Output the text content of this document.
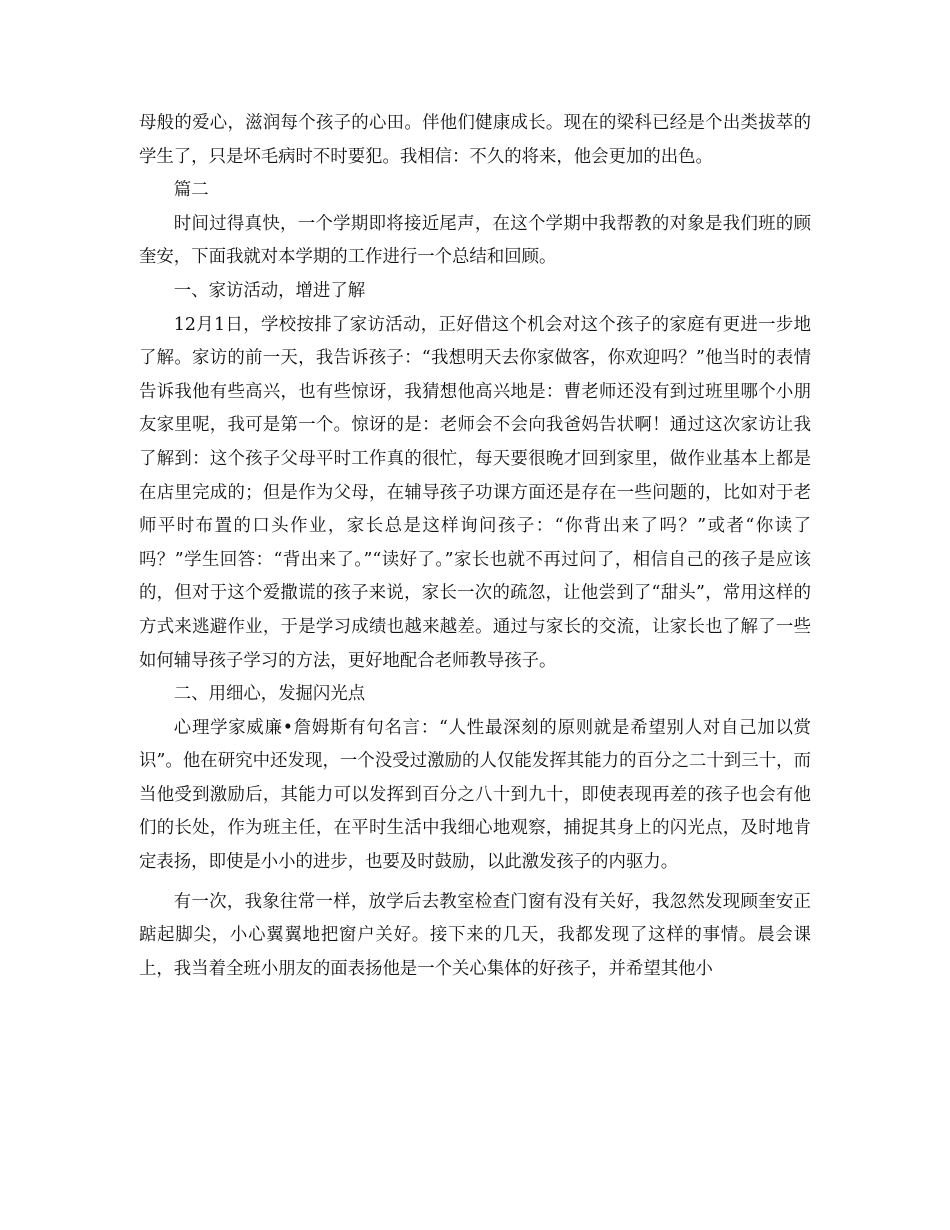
母般的爱心，滋润每个孩子的心田。伴他们健康成长。现在的梁科已经是个出类拔萃的学生了，只是坏毛病时不时要犯。我相信：不久的将来，他会更加的出色。

篇二

时间过得真快，一个学期即将接近尾声，在这个学期中我帮教的对象是我们班的顾奎安，下面我就对本学期的工作进行一个总结和回顾。

一、家访活动，增进了解

12月1日，学校按排了家访活动，正好借这个机会对这个孩子的家庭有更进一步地了解。家访的前一天，我告诉孩子：“我想明天去你家做客，你欢迎吗？”他当时的表情告诉我他有些高兴，也有些惊讶，我猜想他高兴地是：曹老师还没有到过班里哪个小朋友家里呢，我可是第一个。惊讶的是：老师会不会向我爸妈告状啊！通过这次家访让我了解到：这个孩子父母平时工作真的很忙，每天要很晚才回到家里，做作业基本上都是在店里完成的；但是作为父母，在辅导孩子功课方面还是存在一些问题的，比如对于老师平时布置的口头作业，家长总是这样询问孩子：“你背出来了吗？”或者“你读了吗？”学生回答：“背出来了。”“读好了。”家长也就不再过问了，相信自己的孩子是应该的，但对于这个爱撒谎的孩子来说，家长一次的疏忽，让他尝到了“甜头”，常用这样的方式来逃避作业，于是学习成绩也越来越差。通过与家长的交流，让家长也了解了一些如何辅导孩子学习的方法，更好地配合老师教导孩子。

二、用细心，发掘闪光点

心理学家威廉•詹姆斯有句名言：“人性最深刻的原则就是希望别人对自己加以赏识”。他在研究中还发现，一个没受过激励的人仅能发挥其能力的百分之二十到三十，而当他受到激励后，其能力可以发挥到百分之八十到九十，即使表现再差的孩子也会有他们的长处，作为班主任，在平时生活中我细心地观察，捕捉其身上的闪光点，及时地肯定表扬，即使是小小的进步，也要及时鼓励，以此激发孩子的内驱力。

有一次，我象往常一样，放学后去教室检查门窗有没有关好，我忽然发现顾奎安正踮起脚尖，小心翼翼地把窗户关好。接下来的几天，我都发现了这样的事情。晨会课上，我当着全班小朋友的面表扬他是一个关心集体的好孩子，并希望其他小
